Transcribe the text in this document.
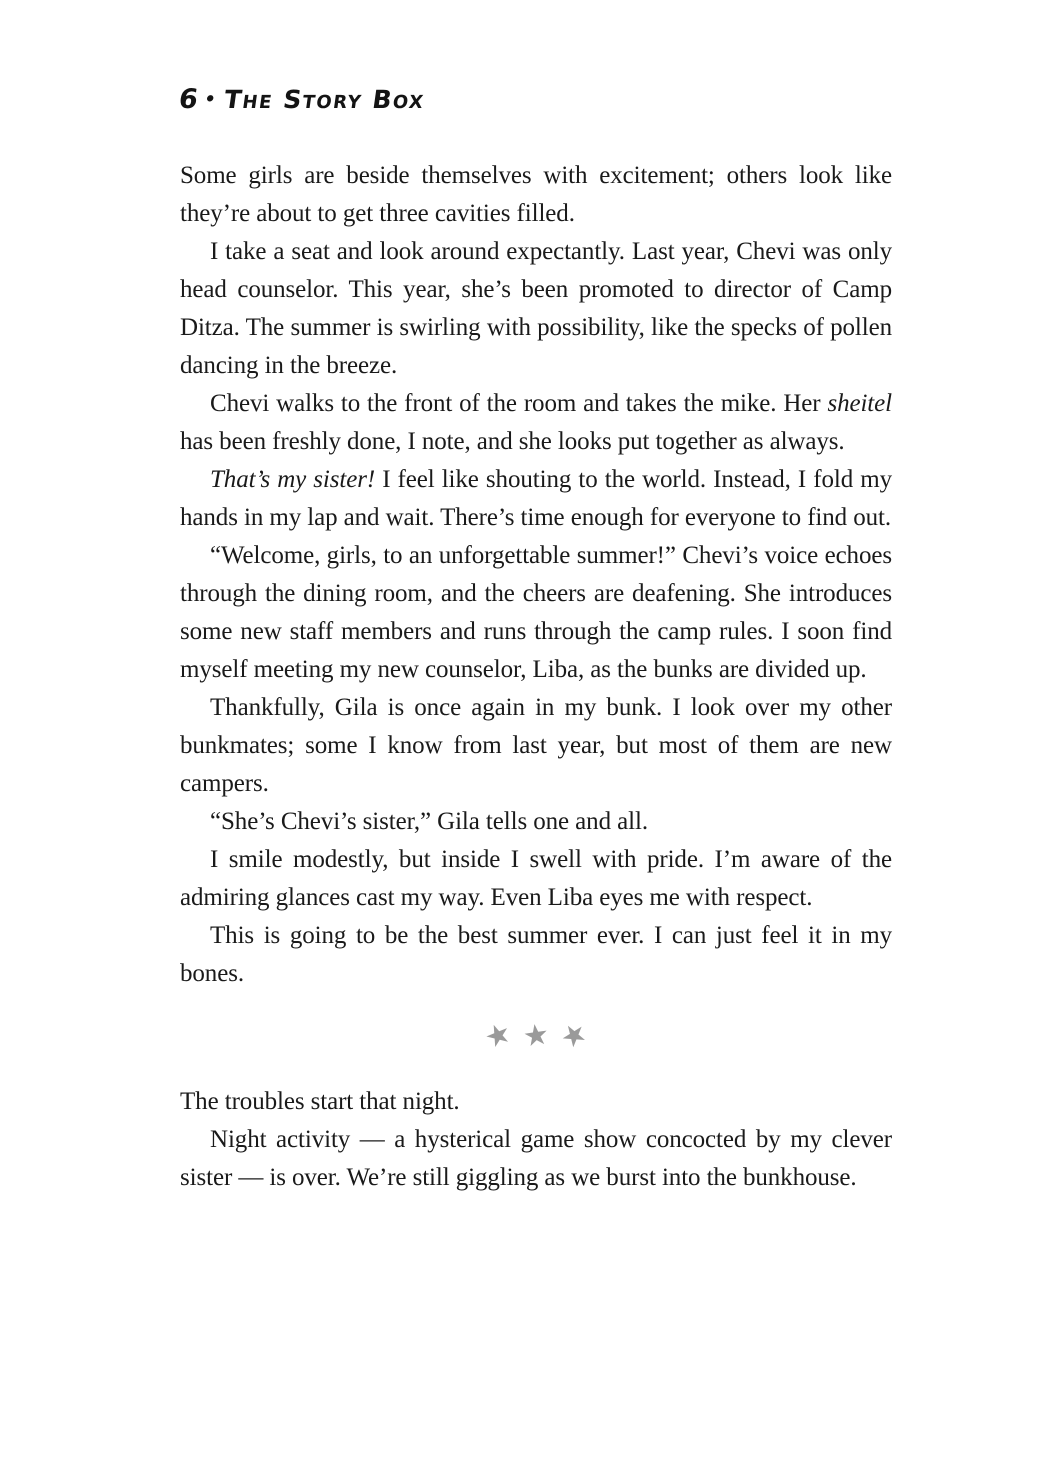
6 • The Story Box

Some girls are beside themselves with excitement; others look like they’re about to get three cavities filled.

I take a seat and look around expectantly. Last year, Chevi was only head counselor. This year, she’s been promoted to director of Camp Ditza. The summer is swirling with possibility, like the specks of pollen dancing in the breeze.

Chevi walks to the front of the room and takes the mike. Her sheitel has been freshly done, I note, and she looks put together as always.

That’s my sister! I feel like shouting to the world. Instead, I fold my hands in my lap and wait. There’s time enough for everyone to find out.

“Welcome, girls, to an unforgettable summer!” Chevi’s voice echoes through the dining room, and the cheers are deafening. She introduces some new staff members and runs through the camp rules. I soon find myself meeting my new counselor, Liba, as the bunks are divided up.

Thankfully, Gila is once again in my bunk. I look over my other bunkmates; some I know from last year, but most of them are new campers.

“She’s Chevi’s sister,” Gila tells one and all.

I smile modestly, but inside I swell with pride. I’m aware of the admiring glances cast my way. Even Liba eyes me with respect.

This is going to be the best summer ever. I can just feel it in my bones.

★ ★ ★

The troubles start that night.

Night activity — a hysterical game show concocted by my clever sister — is over. We’re still giggling as we burst into the bunkhouse.
